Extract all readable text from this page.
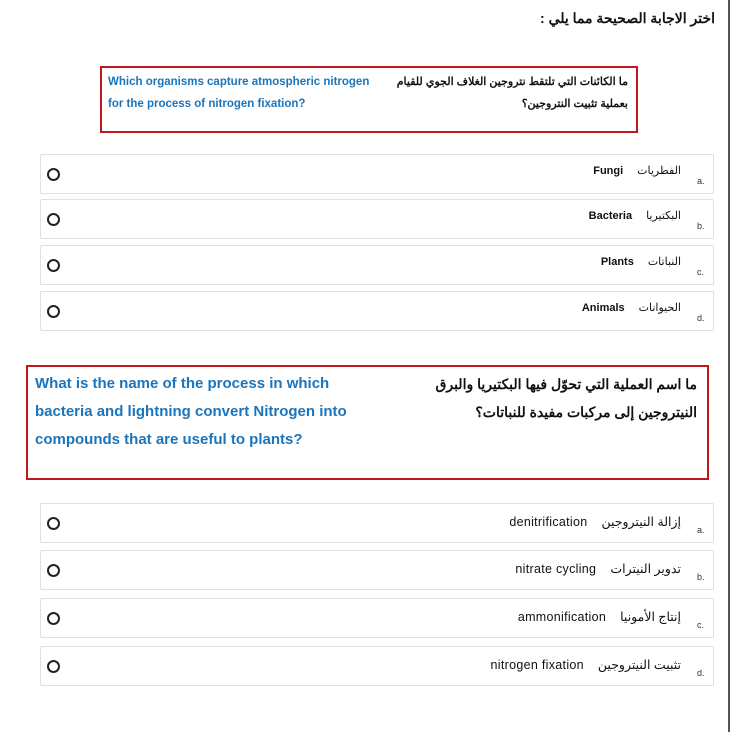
اختر الاجابة الصحيحة مما يلي :
Which organisms capture atmospheric nitrogen for the process of nitrogen fixation?
ما الكائنات التي تلتقط نتروجين الغلاف الجوي للقيام بعملية تثبيت النتروجين؟
الفطرياتFungi
a.
البكتيرياBacteria
b.
النباتاتPlants
c.
الحيواناتAnimals
d.
What is the name of the process in which bacteria and lightning convert Nitrogen into compounds that are useful to plants?
ما اسم العملية التي تحوّل فيها البكتيريا والبرق النيتروجين إلى مركبات مفيدة للنباتات؟
إزالة النيتروجينdenitrification
a.
تدوير النيتراتnitrate cycling
b.
إنتاج الأمونياammonification
c.
تثبيت النيتروجينnitrogen fixation
d.
